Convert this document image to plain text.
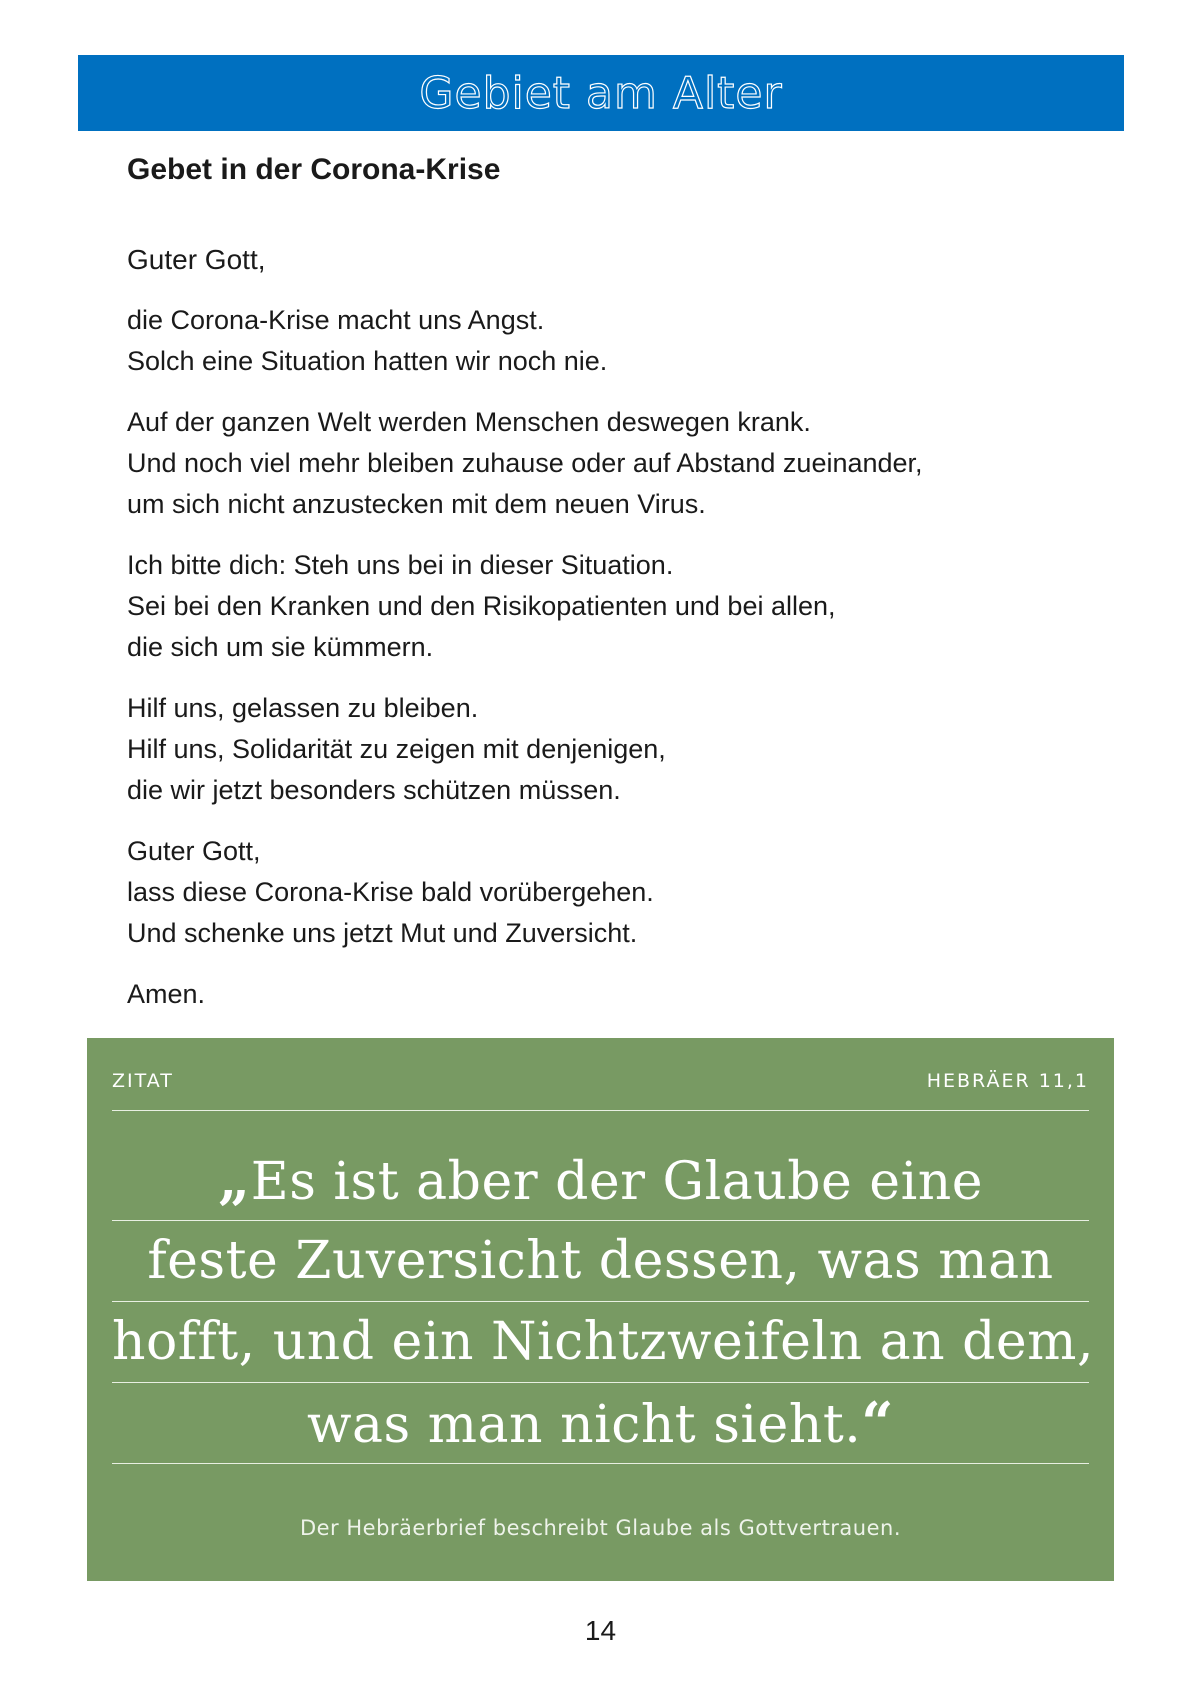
Gebiet am Alter
Gebet in der Corona-Krise

Guter Gott,

die Corona-Krise macht uns Angst.
Solch eine Situation hatten wir noch nie.

Auf der ganzen Welt werden Menschen deswegen krank.
Und noch viel mehr bleiben zuhause oder auf Abstand zueinander,
um sich nicht anzustecken mit dem neuen Virus.

Ich bitte dich: Steh uns bei in dieser Situation.
Sei bei den Kranken und den Risikopatienten und bei allen,
die sich um sie kümmern.

Hilf uns, gelassen zu bleiben.
Hilf uns, Solidarität zu zeigen mit denjenigen,
die wir jetzt besonders schützen müssen.

Guter Gott,
lass diese Corona-Krise bald vorübergehen.
Und schenke uns jetzt Mut und Zuversicht.

Amen.

ZITAT	HEBRÄER 11,1
„Es ist aber der Glaube eine
feste Zuversicht dessen, was man
hofft, und ein Nichtzweifeln an dem,
was man nicht sieht.“
Der Hebräerbrief beschreibt Glaube als Gottvertrauen.
14
